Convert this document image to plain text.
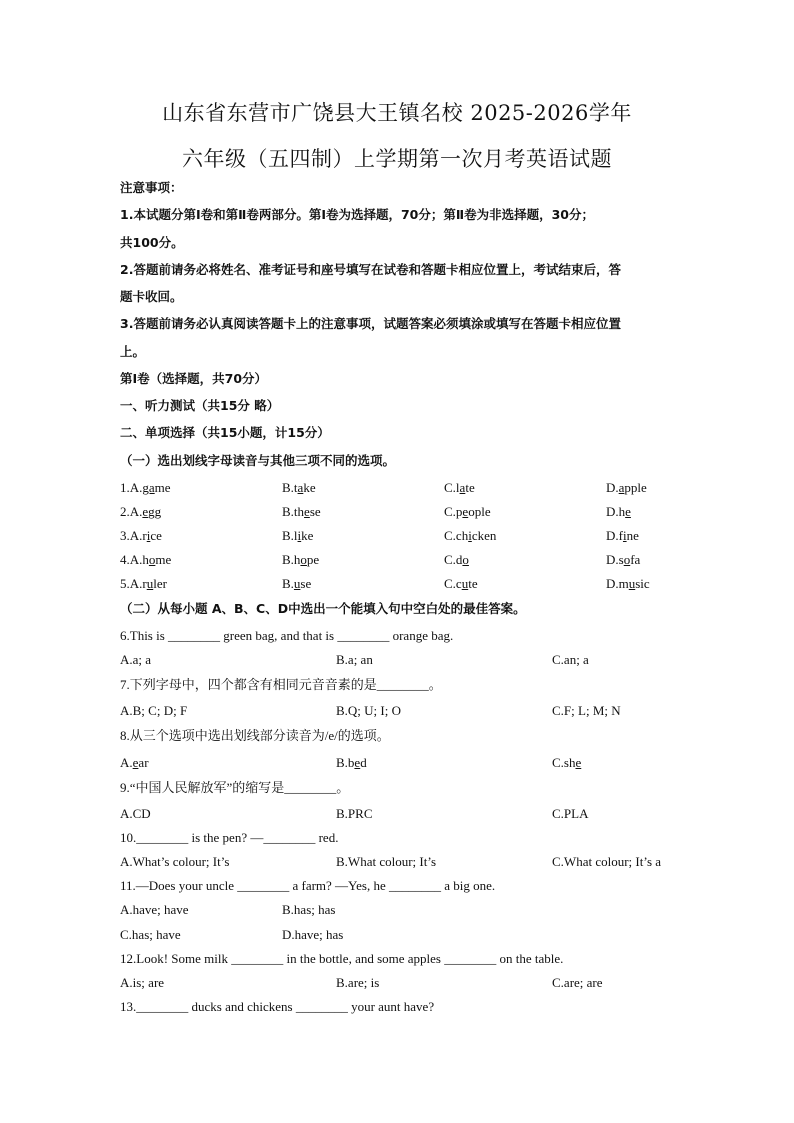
山东省东营市广饶县大王镇名校 2025-2026学年
六年级（五四制）上学期第一次月考英语试题
注意事项：
1.本试题分第Ⅰ卷和第Ⅱ卷两部分。第Ⅰ卷为选择题，70分；第Ⅱ卷为非选择题，30分；
共100分。
2.答题前请务必将姓名、准考证号和座号填写在试卷和答题卡相应位置上，考试结束后，答
题卡收回。
3.答题前请务必认真阅读答题卡上的注意事项，试题答案必须填涂或填写在答题卡相应位置
上。
第Ⅰ卷（选择题，共70分）
一、听力测试（共15分 略）
二、单项选择（共15小题，计15分）
（一）选出划线字母读音与其他三项不同的选项。
1.A.game	B.take	C.late	D.apple
2.A.egg	B.these	C.people	D.he
3.A.rice	B.like	C.chicken	D.fine
4.A.home	B.hope	C.do	D.sofa
5.A.ruler	B.use	C.cute	D.music
（二）从每小题 A、B、C、D中选出一个能填入句中空白处的最佳答案。
6.This is ________ green bag, and that is ________ orange bag.
A.a; a	B.a; an	C.an; a
7.下列字母中，四个都含有相同元音音素的是________。
A.B; C; D; F	B.Q; U; I; O	C.F; L; M; N
8.从三个选项中选出划线部分读音为/e/的选项。
A.ear	B.bed	C.she
9.“中国人民解放军”的缩写是________。
A.CD	B.PRC	C.PLA
10.________ is the pen? —________ red.
A.What’s colour; It’s	B.What colour; It’s	C.What colour; It’s a
11.—Does your uncle ________ a farm? —Yes, he ________ a big one.
A.have; have	B.has; has
C.has; have	D.have; has
12.Look! Some milk ________ in the bottle, and some apples ________ on the table.
A.is; are	B.are; is	C.are; are
13.________ ducks and chickens ________ your aunt have?
